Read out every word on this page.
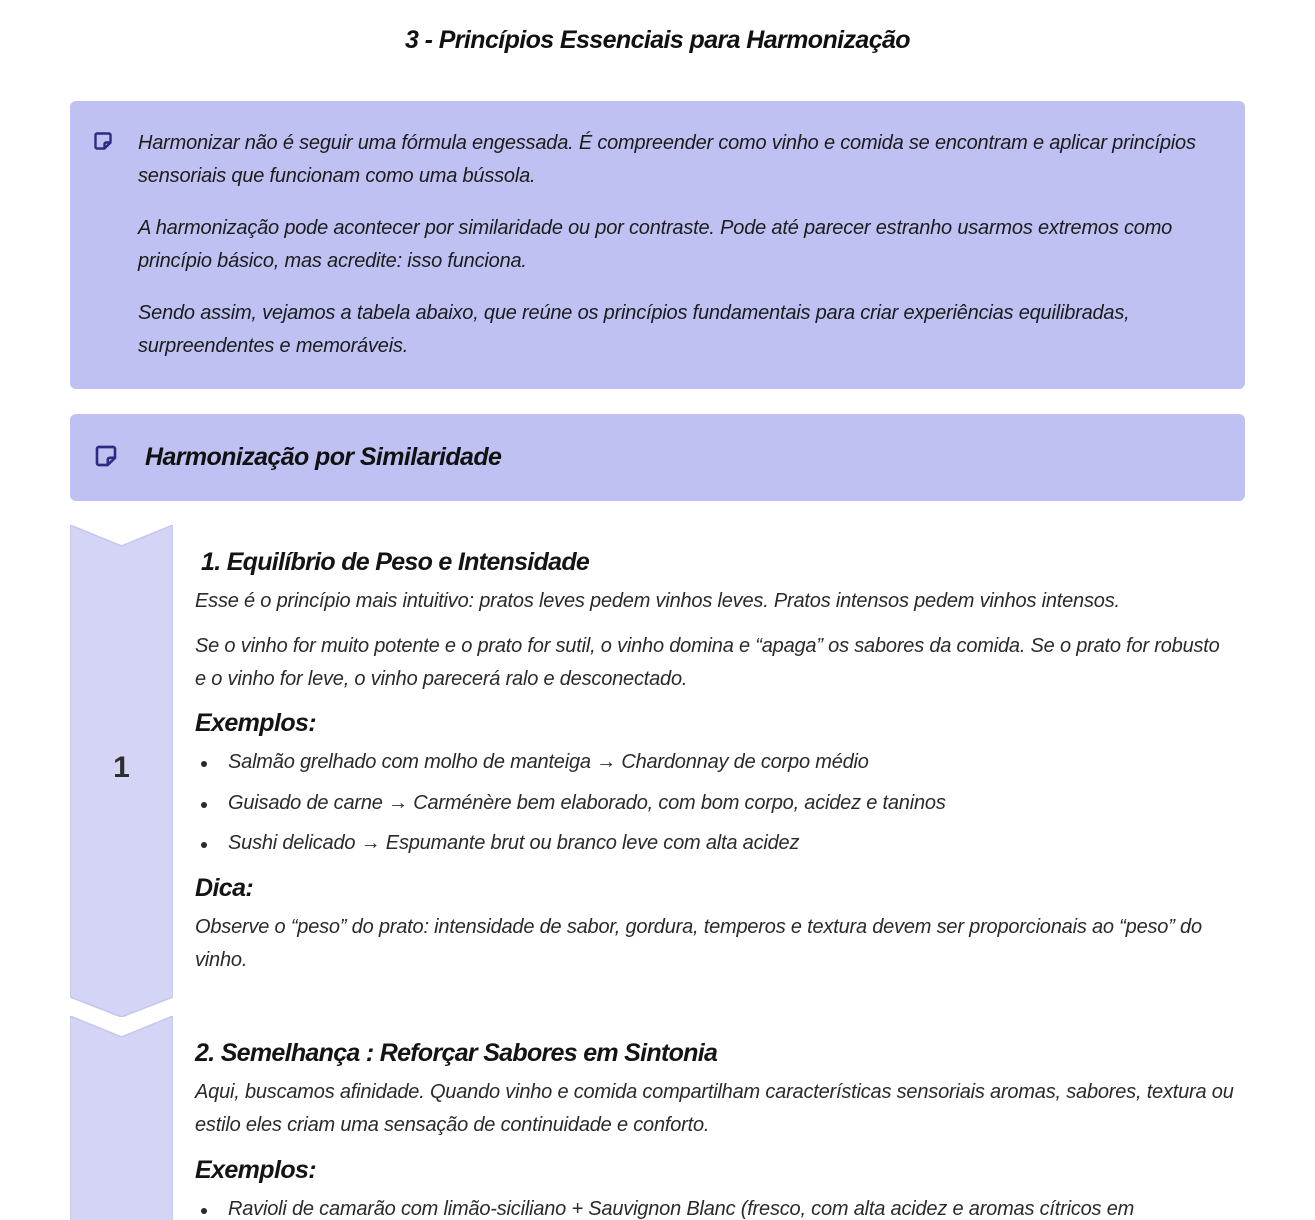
3 - Princípios Essenciais para Harmonização

Harmonizar não é seguir uma fórmula engessada. É compreender como vinho e comida se encontram e aplicar princípios sensoriais que funcionam como uma bússola.

A harmonização pode acontecer por similaridade ou por contraste. Pode até parecer estranho usarmos extremos como princípio básico, mas acredite: isso funciona.

Sendo assim, vejamos a tabela abaixo, que reúne os princípios fundamentais para criar experiências equilibradas, surpreendentes e memoráveis.

Harmonização por Similaridade
1
1. Equilíbrio de Peso e Intensidade

Esse é o princípio mais intuitivo: pratos leves pedem vinhos leves. Pratos intensos pedem vinhos intensos.

Se o vinho for muito potente e o prato for sutil, o vinho domina e “apaga” os sabores da comida. Se o prato for robusto e o vinho for leve, o vinho parecerá ralo e desconectado.

Exemplos:
Salmão grelhado com molho de manteiga → Chardonnay de corpo médio
Guisado de carne → Carménère bem elaborado, com bom corpo, acidez e taninos
Sushi delicado → Espumante brut ou branco leve com alta acidez
Dica:

Observe o “peso” do prato: intensidade de sabor, gordura, temperos e textura devem ser proporcionais ao “peso” do vinho.

2. Semelhança : Reforçar Sabores em Sintonia

Aqui, buscamos afinidade. Quando vinho e comida compartilham características sensoriais aromas, sabores, textura ou estilo eles criam uma sensação de continuidade e conforto.

Exemplos:
Ravioli de camarão com limão-siciliano + Sauvignon Blanc (fresco, com alta acidez e aromas cítricos em
